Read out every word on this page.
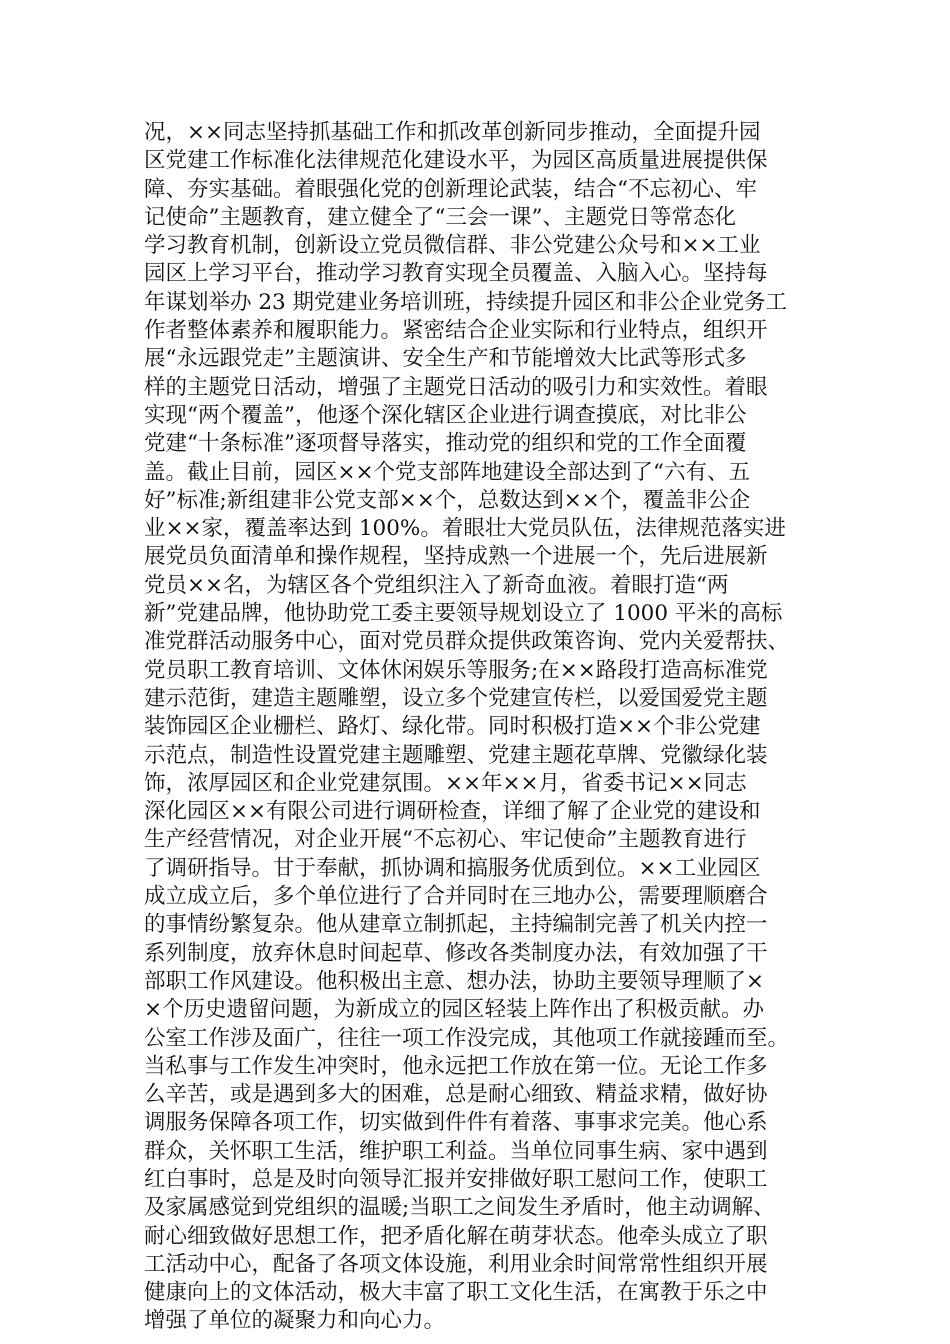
况，××同志坚持抓基础工作和抓改革创新同步推动，全面提升园
区党建工作标准化法律规范化建设水平，为园区高质量进展提供保
障、夯实基础。着眼强化党的创新理论武装，结合“不忘初心、牢
记使命”主题教育，建立健全了“三会一课”、主题党日等常态化
学习教育机制，创新设立党员微信群、非公党建公众号和××工业
园区上学习平台，推动学习教育实现全员覆盖、入脑入心。坚持每
年谋划举办 23 期党建业务培训班，持续提升园区和非公企业党务工
作者整体素养和履职能力。紧密结合企业实际和行业特点，组织开
展“永远跟党走”主题演讲、安全生产和节能增效大比武等形式多
样的主题党日活动，增强了主题党日活动的吸引力和实效性。着眼
实现“两个覆盖”，他逐个深化辖区企业进行调查摸底，对比非公
党建“十条标准”逐项督导落实，推动党的组织和党的工作全面覆
盖。截止目前，园区××个党支部阵地建设全部达到了“六有、五
好”标准;新组建非公党支部××个，总数达到××个，覆盖非公企
业××家，覆盖率达到 100%。着眼壮大党员队伍，法律规范落实进
展党员负面清单和操作规程，坚持成熟一个进展一个，先后进展新
党员××名，为辖区各个党组织注入了新奇血液。着眼打造“两
新”党建品牌，他协助党工委主要领导规划设立了 1000 平米的高标
准党群活动服务中心，面对党员群众提供政策咨询、党内关爱帮扶、
党员职工教育培训、文体休闲娱乐等服务;在××路段打造高标准党
建示范街，建造主题雕塑，设立多个党建宣传栏，以爱国爱党主题
装饰园区企业栅栏、路灯、绿化带。同时积极打造××个非公党建
示范点，制造性设置党建主题雕塑、党建主题花草牌、党徽绿化装
饰，浓厚园区和企业党建氛围。××年××月，省委书记××同志
深化园区××有限公司进行调研检查，详细了解了企业党的建设和
生产经营情况，对企业开展“不忘初心、牢记使命”主题教育进行
了调研指导。甘于奉献，抓协调和搞服务优质到位。××工业园区
成立成立后，多个单位进行了合并同时在三地办公，需要理顺磨合
的事情纷繁复杂。他从建章立制抓起，主持编制完善了机关内控一
系列制度，放弃休息时间起草、修改各类制度办法，有效加强了干
部职工作风建设。他积极出主意、想办法，协助主要领导理顺了×
×个历史遗留问题，为新成立的园区轻装上阵作出了积极贡献。办
公室工作涉及面广，往往一项工作没完成，其他项工作就接踵而至。
当私事与工作发生冲突时，他永远把工作放在第一位。无论工作多
么辛苦，或是遇到多大的困难，总是耐心细致、精益求精，做好协
调服务保障各项工作，切实做到件件有着落、事事求完美。他心系
群众，关怀职工生活，维护职工利益。当单位同事生病、家中遇到
红白事时，总是及时向领导汇报并安排做好职工慰问工作，使职工
及家属感觉到党组织的温暖;当职工之间发生矛盾时，他主动调解、
耐心细致做好思想工作，把矛盾化解在萌芽状态。他牵头成立了职
工活动中心，配备了各项文体设施，利用业余时间常常性组织开展
健康向上的文体活动，极大丰富了职工文化生活，在寓教于乐之中
增强了单位的凝聚力和向心力。
